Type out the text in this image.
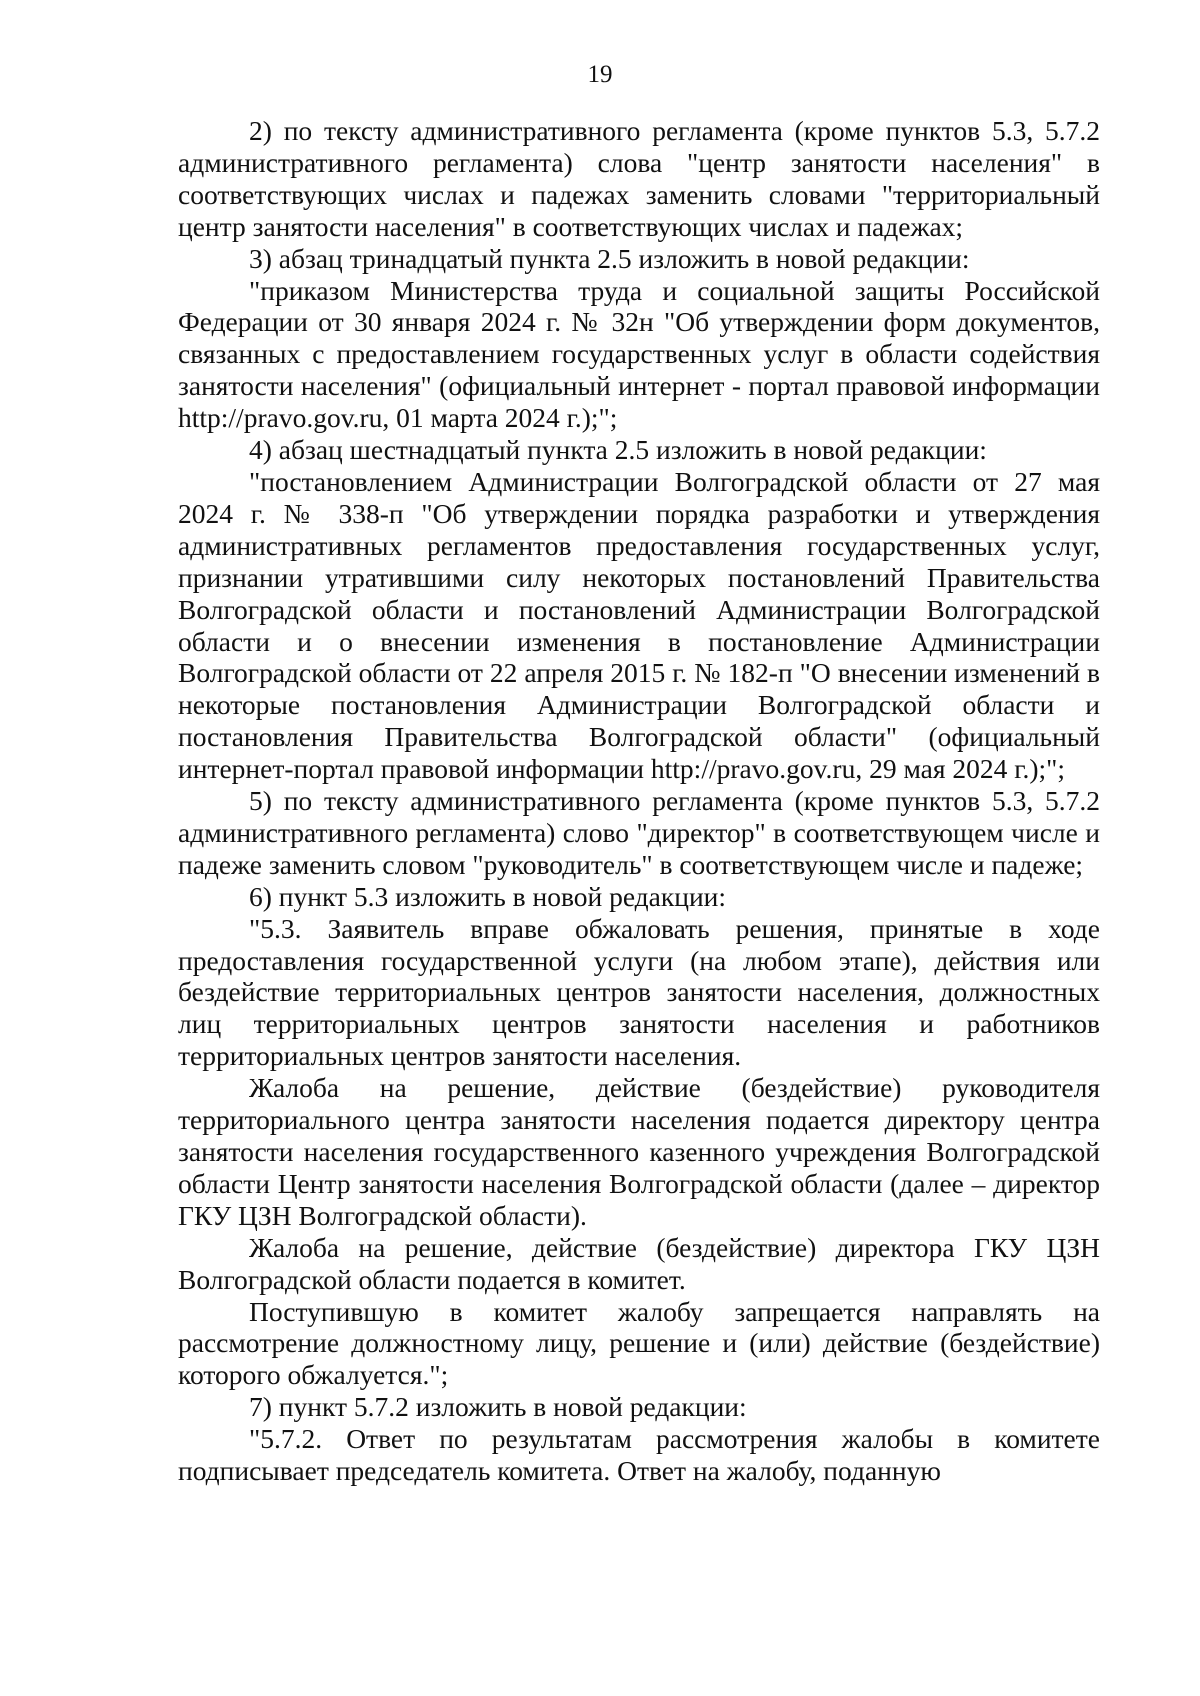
19

2) по тексту административного регламента (кроме пунктов 5.3, 5.7.2 административного регламента) слова "центр занятости населения" в соответствующих числах и падежах заменить словами "территориальный центр занятости населения" в соответствующих числах и падежах;

3) абзац тринадцатый пункта 2.5 изложить в новой редакции:

"приказом Министерства труда и социальной защиты Российской Федерации от 30 января 2024 г. № 32н "Об утверждении форм документов, связанных с предоставлением государственных услуг в области содействия занятости населения" (официальный интернет - портал правовой информации http://pravo.gov.ru, 01 марта 2024 г.);";

4) абзац шестнадцатый пункта 2.5 изложить в новой редакции:

"постановлением Администрации Волгоградской области от 27 мая 2024 г. № 338-п "Об утверждении порядка разработки и утверждения административных регламентов предоставления государственных услуг, признании утратившими силу некоторых постановлений Правительства Волгоградской области и постановлений Администрации Волгоградской области и о внесении изменения в постановление Администрации Волгоградской области от 22 апреля 2015 г. № 182-п "О внесении изменений в некоторые постановления Администрации Волгоградской области и постановления Правительства Волгоградской области" (официальный интернет-портал правовой информации http://pravo.gov.ru, 29 мая 2024 г.);";

5) по тексту административного регламента (кроме пунктов 5.3, 5.7.2 административного регламента) слово "директор" в соответствующем числе и падеже заменить словом "руководитель" в соответствующем числе и падеже;

6) пункт 5.3 изложить в новой редакции:

"5.3. Заявитель вправе обжаловать решения, принятые в ходе предоставления государственной услуги (на любом этапе), действия или бездействие территориальных центров занятости населения, должностных лиц территориальных центров занятости населения и работников территориальных центров занятости населения.

Жалоба на решение, действие (бездействие) руководителя территориального центра занятости населения подается директору центра занятости населения государственного казенного учреждения Волгоградской области Центр занятости населения Волгоградской области (далее – директор ГКУ ЦЗН Волгоградской области).

Жалоба на решение, действие (бездействие) директора ГКУ ЦЗН Волгоградской области подается в комитет.

Поступившую в комитет жалобу запрещается направлять на рассмотрение должностному лицу, решение и (или) действие (бездействие) которого обжалуется.";

7) пункт 5.7.2 изложить в новой редакции:

"5.7.2. Ответ по результатам рассмотрения жалобы в комитете подписывает председатель комитета. Ответ на жалобу, поданную
